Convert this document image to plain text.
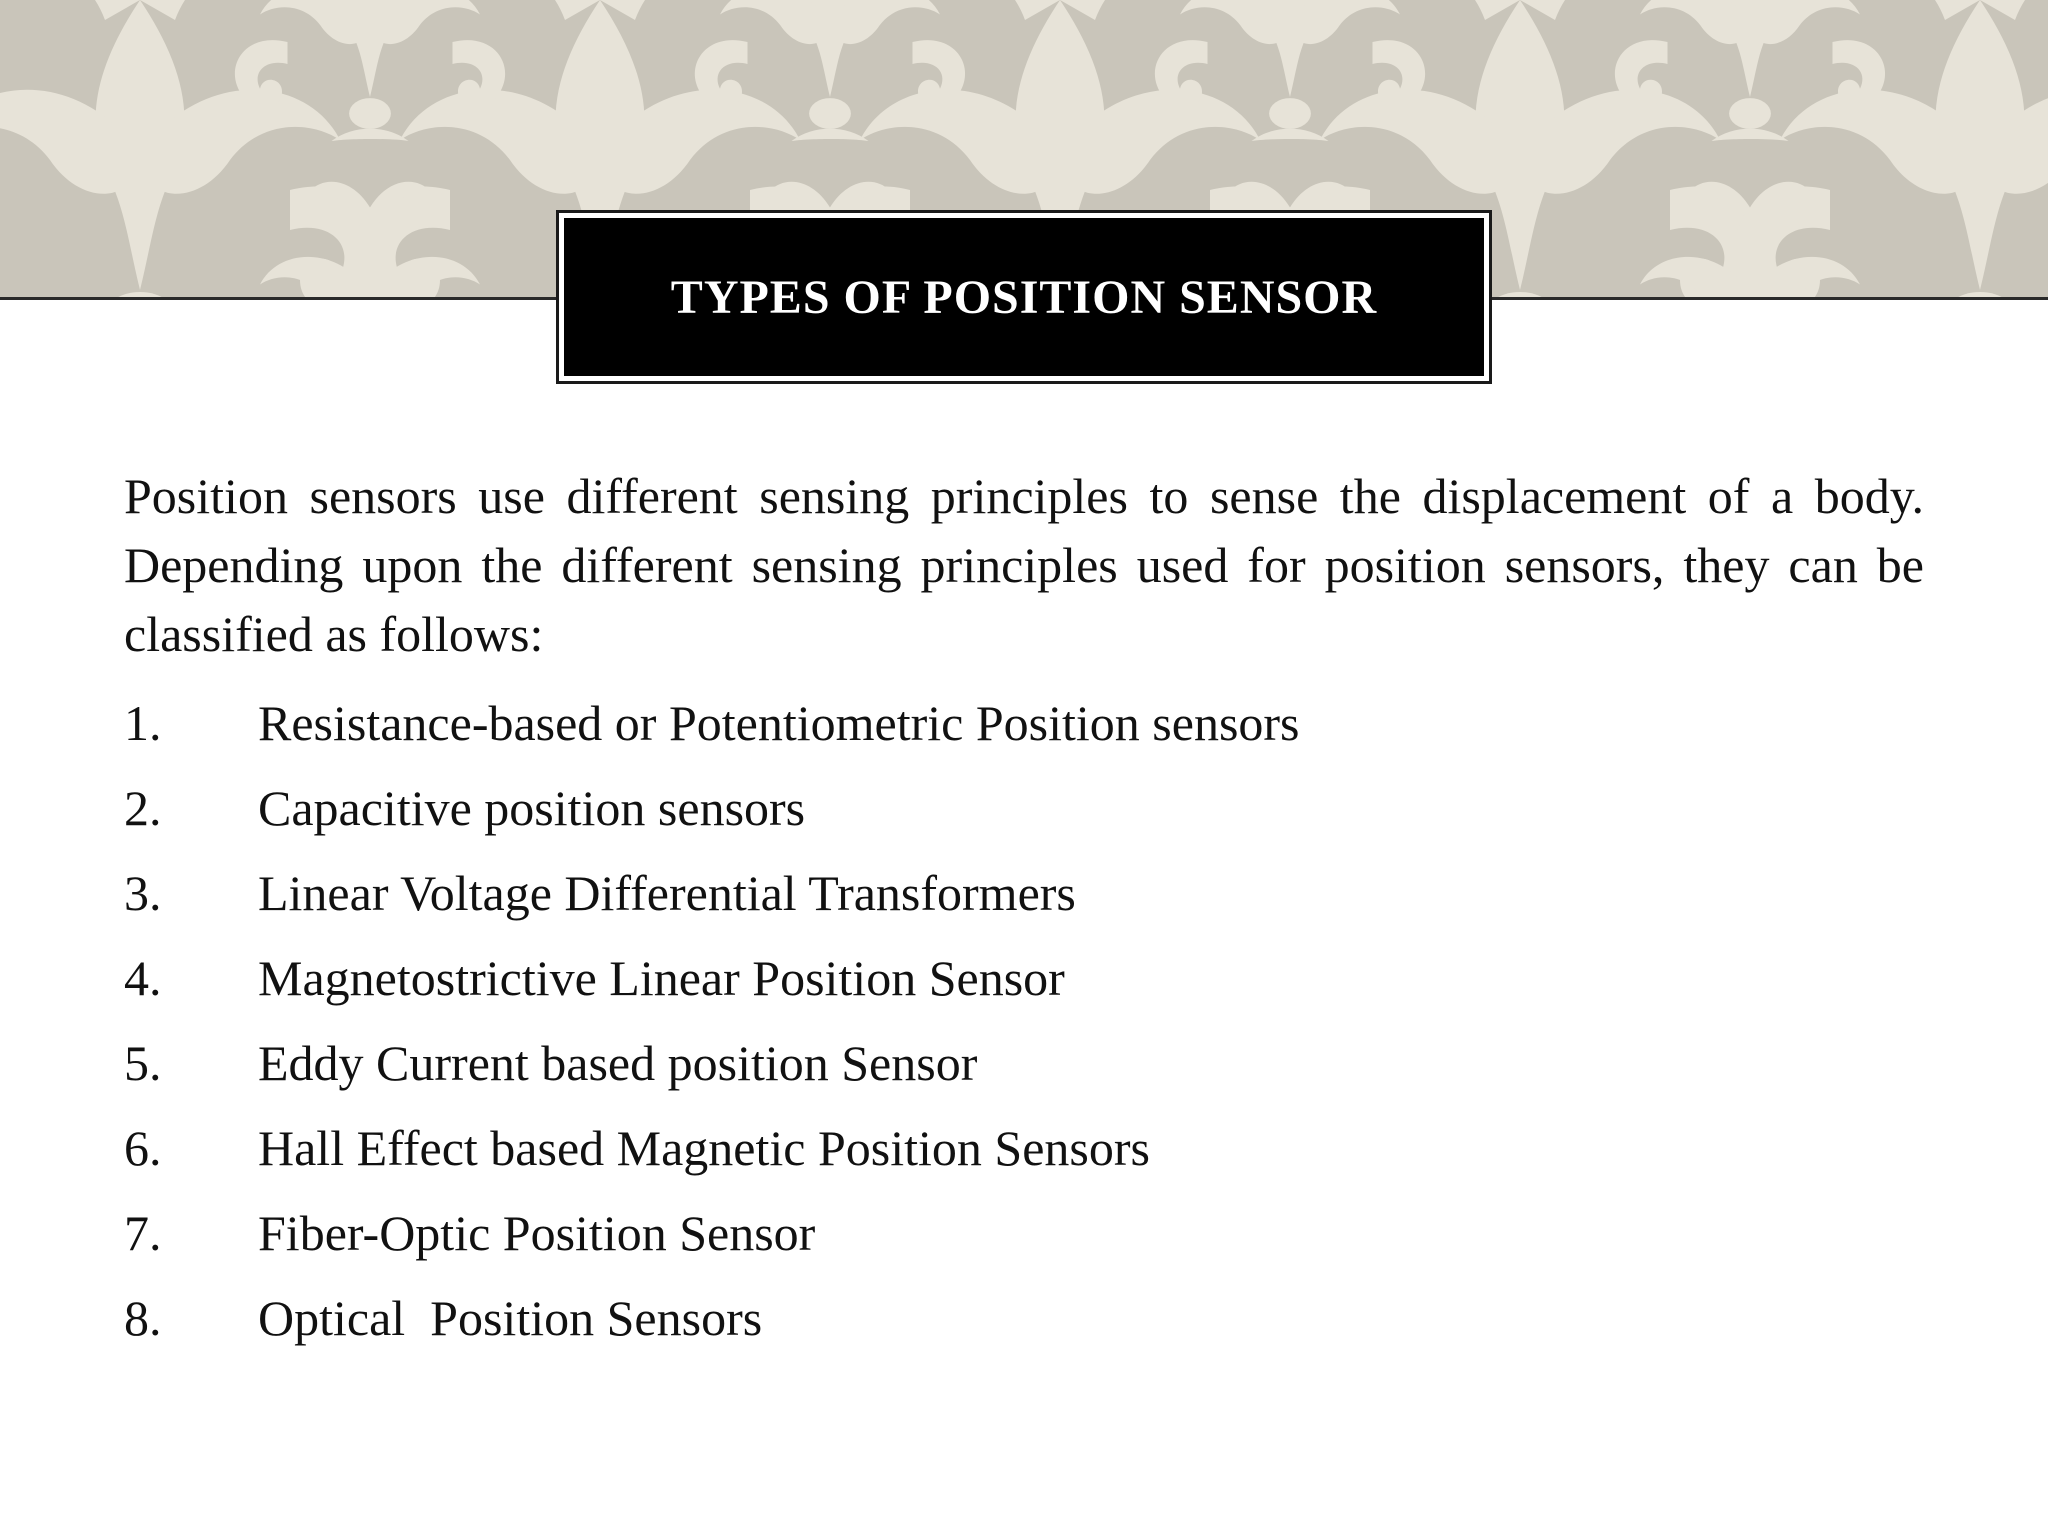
TYPES OF POSITION SENSOR

Position sensors use different sensing principles to sense the displacement of a body. Depending upon the different sensing principles used for position sensors, they can be classified as follows:

1.	Resistance-based or Potentiometric Position sensors
2.	Capacitive position sensors
3.	Linear Voltage Differential Transformers
4.	Magnetostrictive Linear Position Sensor
5.	Eddy Current based position Sensor
6.	Hall Effect based Magnetic Position Sensors
7.	Fiber-Optic Position Sensor
8.	Optical  Position Sensors
